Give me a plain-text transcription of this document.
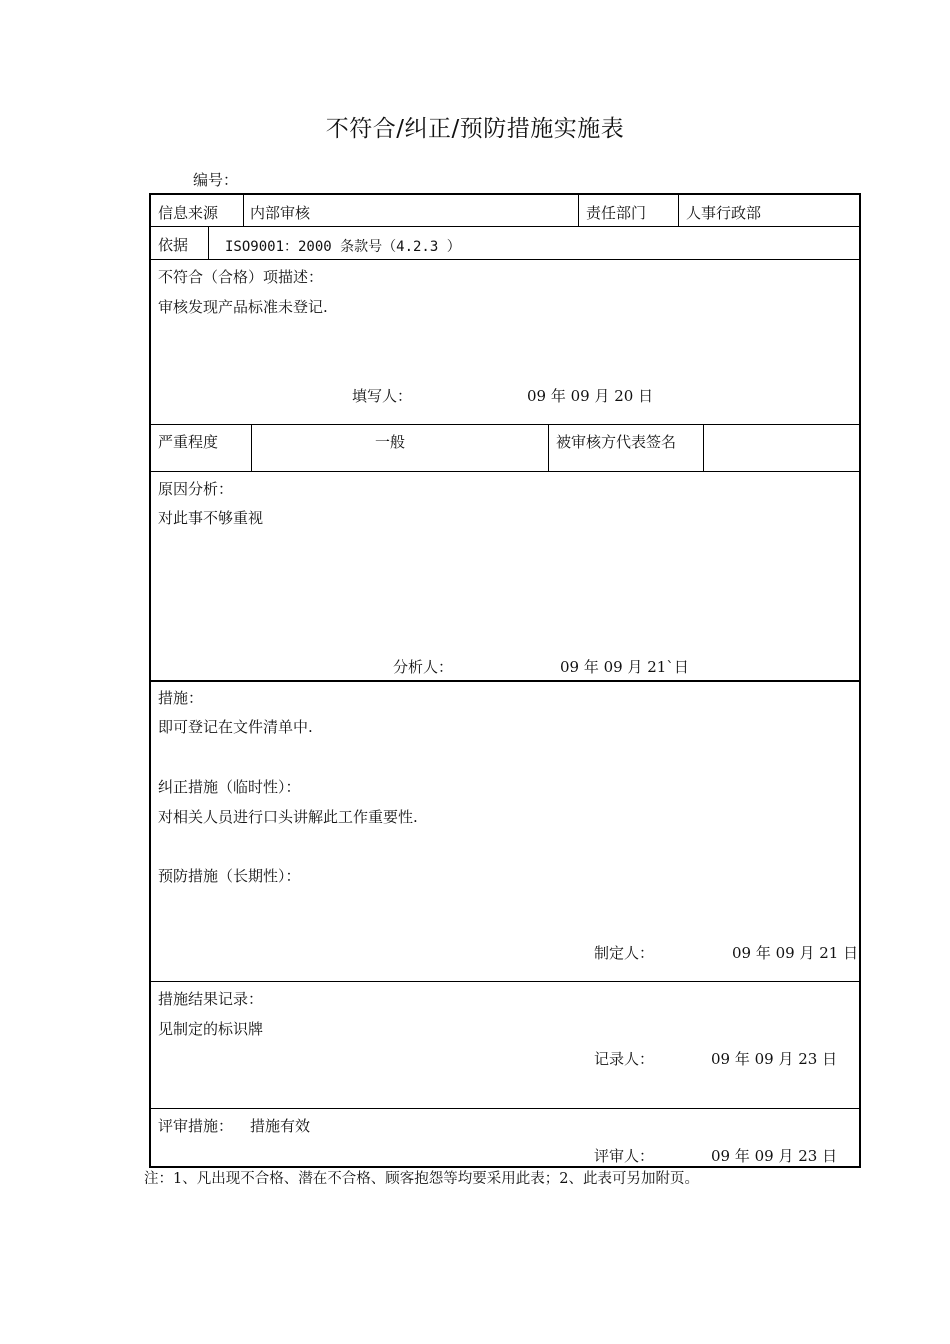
不符合/纠正/预防措施实施表
编号：
信息来源 内部审核	责任部门	人事行政部
依据	ISO9001：2000 条款号（4.2.3 ）
不符合（合格）项描述：
审核发现产品标准未登记.
填写人：	09 年 09 月 20 日
严重程度	一般	被审核方代表签名
原因分析：
对此事不够重视
分析人：	09 年 09 月 21`日
措施：
即可登记在文件清单中.
纠正措施（临时性）：
对相关人员进行口头讲解此工作重要性.
预防措施（长期性）：
制定人：	09 年 09 月 21 日
措施结果记录：
见制定的标识牌
记录人：	09 年 09 月 23 日
评审措施： 措施有效
评审人：	09 年 09 月 23 日
注：1、凡出现不合格、潜在不合格、顾客抱怨等均要采用此表；2、此表可另加附页。
